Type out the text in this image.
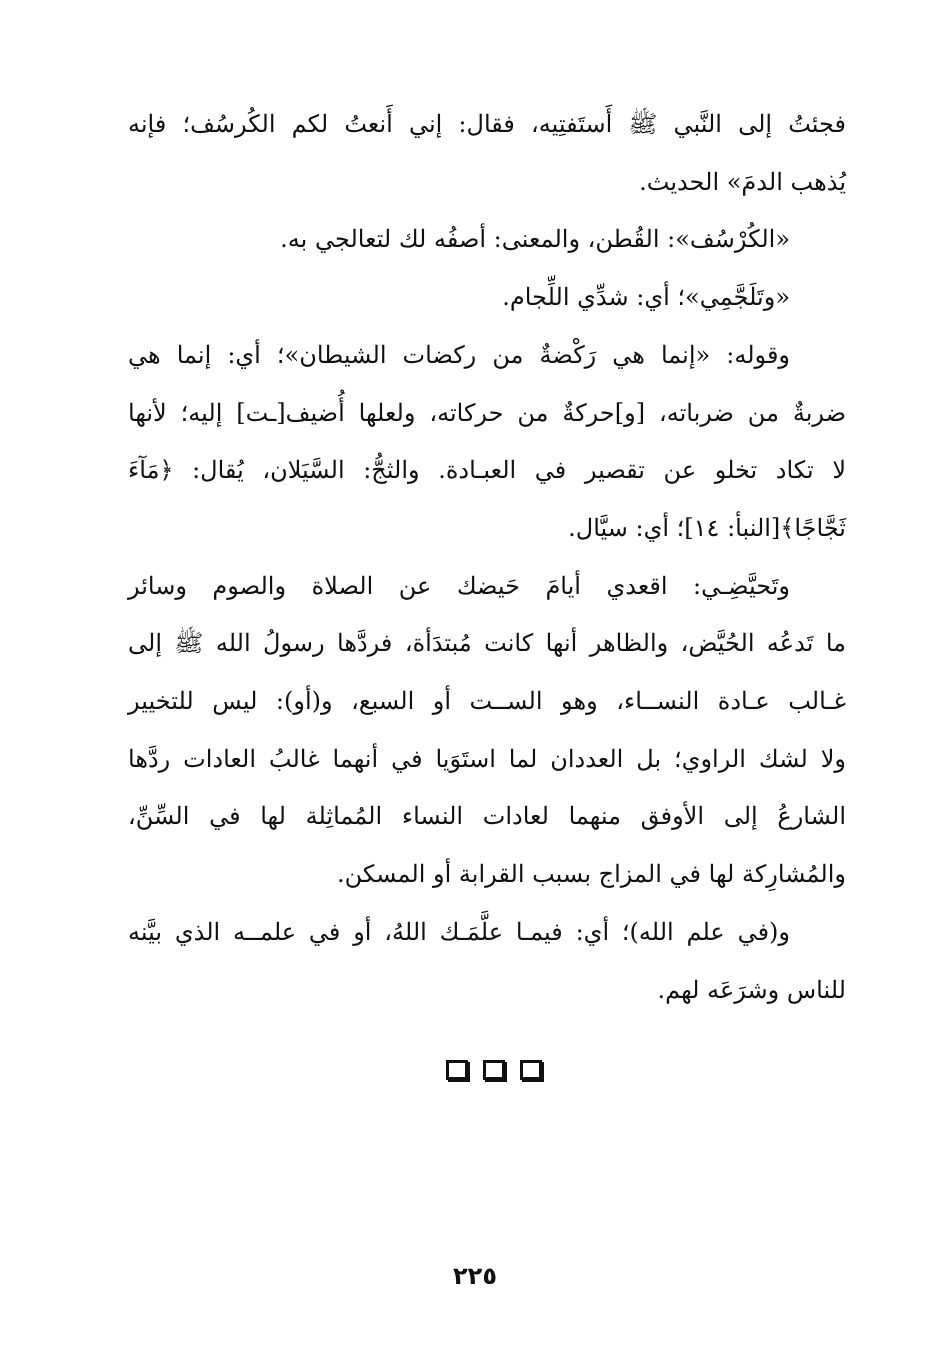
فجئتُ إلى النَّبي ﷺ أَستَفتِيه، فقال: إني أَنعتُ لكم الكُرسُف؛ فإنه
يُذهب الدمَ» الحديث.

«الكُرْسُف»: القُطن، والمعنى: أصفُه لك لتعالجي به.

«وتَلَجَّمِي»؛ أي: شدِّي اللِّجام.

وقوله: «إنما هي رَكْضةٌ من ركضات الشيطان»؛ أي: إنما هي
ضربةٌ من ضرباته، [و]حركةٌ من حركاته، ولعلها أُضيف[ـت] إليه؛ لأنها
لا تكاد تخلو عن تقصير في العبـادة. والثجُّ: السَّيَلان، يُقال: ﴿مَآءَ
ثَجَّاجًا﴾[النبأ: ١٤]؛ أي: سيَّال.

وتَحيَّضِـي: اقعدي أيامَ حَيضك عن الصلاة والصوم وسائر
ما تَدعُه الحُيَّض، والظاهر أنها كانت مُبتدَأة، فردَّها رسولُ الله ﷺ إلى
غـالب عـادة النســاء، وهو الســت أو السبع، و(أو): ليس للتخيير
ولا لشك الراوي؛ بل العددان لما استَوَيا في أنهما غالبُ العادات ردَّها
الشارعُ إلى الأوفق منهما لعادات النساء المُماثِلة لها في السِّنِّ،
والمُشارِكة لها في المزاج بسبب القرابة أو المسكن.

و(في علم الله)؛ أي: فيمـا علَّمَـك اللهُ، أو في علمــه الذي بيَّنه
للناس وشرَعَه لهم.

٢٢٥
